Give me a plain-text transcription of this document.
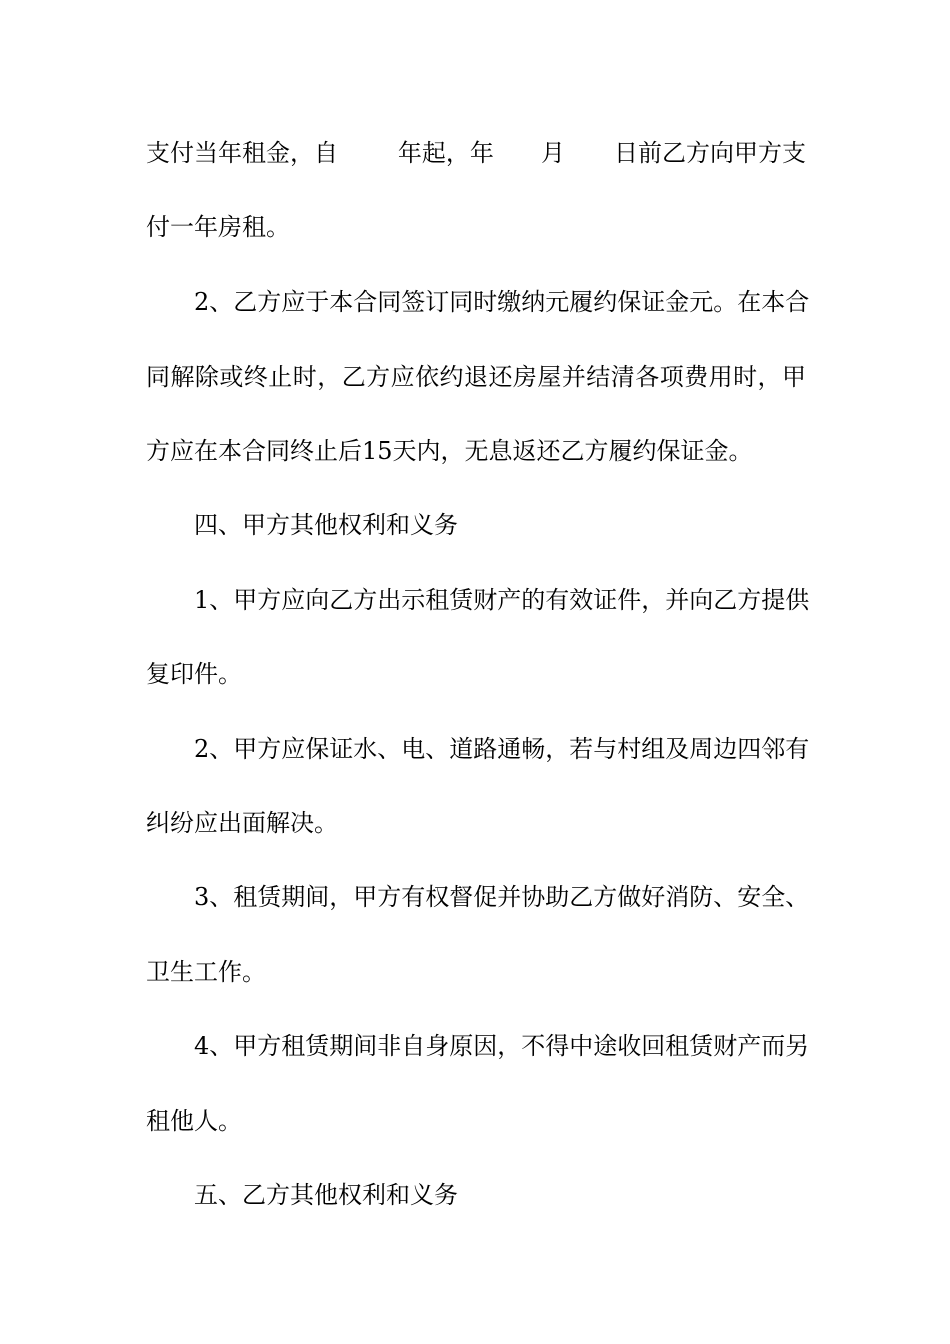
支付当年租金，自 年起，年 月 日前乙方向甲方支
付一年房租。
2、乙方应于本合同签订同时缴纳元履约保证金元。在本合
同解除或终止时，乙方应依约退还房屋并结清各项费用时，甲
方应在本合同终止后15天内，无息返还乙方履约保证金。
四、甲方其他权利和义务
1、甲方应向乙方出示租赁财产的有效证件，并向乙方提供
复印件。
2、甲方应保证水、电、道路通畅，若与村组及周边四邻有
纠纷应出面解决。
3、租赁期间，甲方有权督促并协助乙方做好消防、安全、
卫生工作。
4、甲方租赁期间非自身原因，不得中途收回租赁财产而另
租他人。
五、乙方其他权利和义务
